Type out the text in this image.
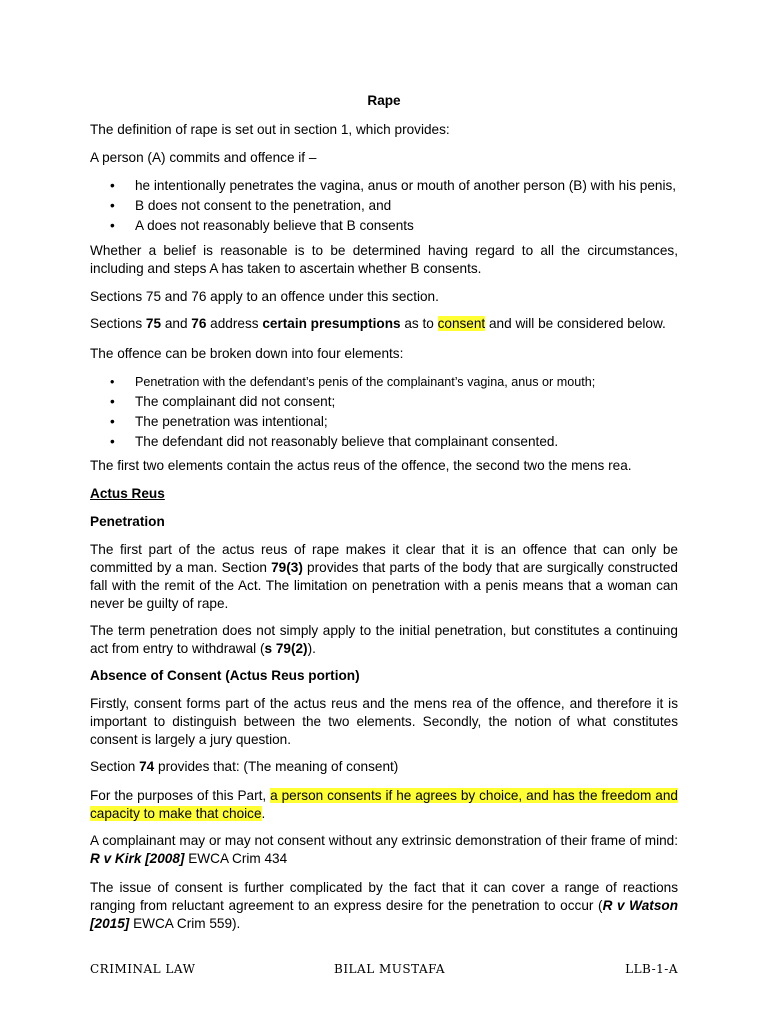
Rape

The definition of rape is set out in section 1, which provides:

A person (A) commits and offence if –

• he intentionally penetrates the vagina, anus or mouth of another person (B) with his penis,
• B does not consent to the penetration, and
• A does not reasonably believe that B consents

Whether a belief is reasonable is to be determined having regard to all the circumstances, including and steps A has taken to ascertain whether B consents.

Sections 75 and 76 apply to an offence under this section.

Sections 75 and 76 address certain presumptions as to consent and will be considered below.

The offence can be broken down into four elements:

• Penetration with the defendant’s penis of the complainant’s vagina, anus or mouth;
• The complainant did not consent;
• The penetration was intentional;
• The defendant did not reasonably believe that complainant consented.

The first two elements contain the actus reus of the offence, the second two the mens rea.

Actus Reus

Penetration

The first part of the actus reus of rape makes it clear that it is an offence that can only be committed by a man. Section 79(3) provides that parts of the body that are surgically constructed fall with the remit of the Act. The limitation on penetration with a penis means that a woman can never be guilty of rape.

The term penetration does not simply apply to the initial penetration, but constitutes a continuing act from entry to withdrawal (s 79(2)).

Absence of Consent (Actus Reus portion)

Firstly, consent forms part of the actus reus and the mens rea of the offence, and therefore it is important to distinguish between the two elements. Secondly, the notion of what constitutes consent is largely a jury question.

Section 74 provides that: (The meaning of consent)

For the purposes of this Part, a person consents if he agrees by choice, and has the freedom and capacity to make that choice.

A complainant may or may not consent without any extrinsic demonstration of their frame of mind: R v Kirk [2008] EWCA Crim 434

The issue of consent is further complicated by the fact that it can cover a range of reactions ranging from reluctant agreement to an express desire for the penetration to occur (R v Watson [2015] EWCA Crim 559).

CRIMINAL LAW	BILAL MUSTAFA	LLB-1-A
